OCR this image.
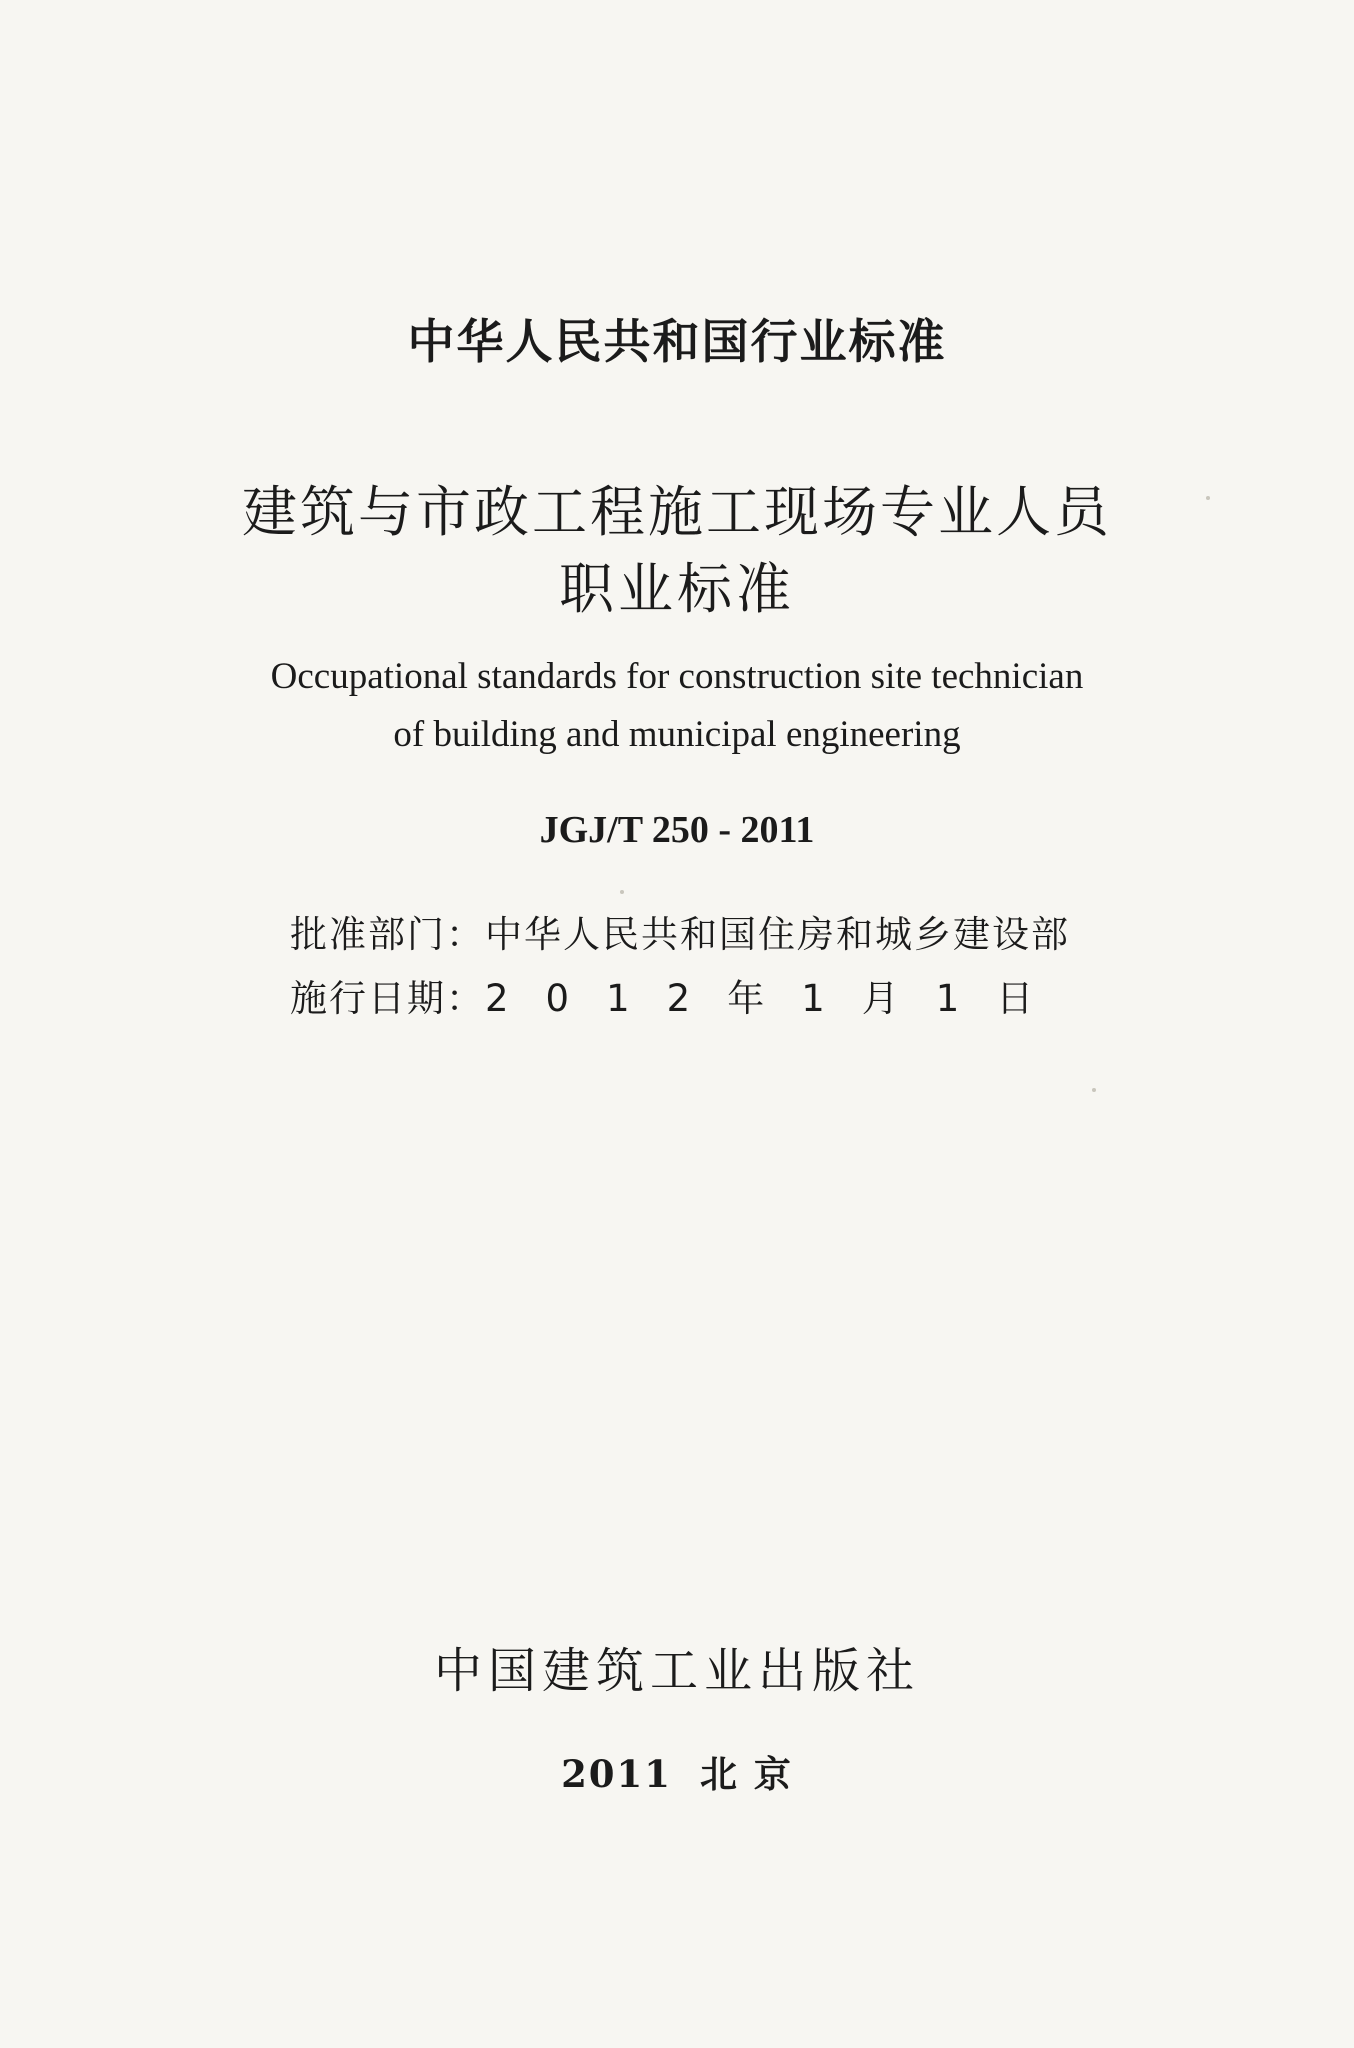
中华人民共和国行业标准
建筑与市政工程施工现场专业人员
职业标准
Occupational standards for construction site technician
of building and municipal engineering
JGJ/T 250 - 2011
批准部门：中华人民共和国住房和城乡建设部
施行日期：2 0 1 2 年 1 月 1 日
中国建筑工业出版社
2011 北 京
